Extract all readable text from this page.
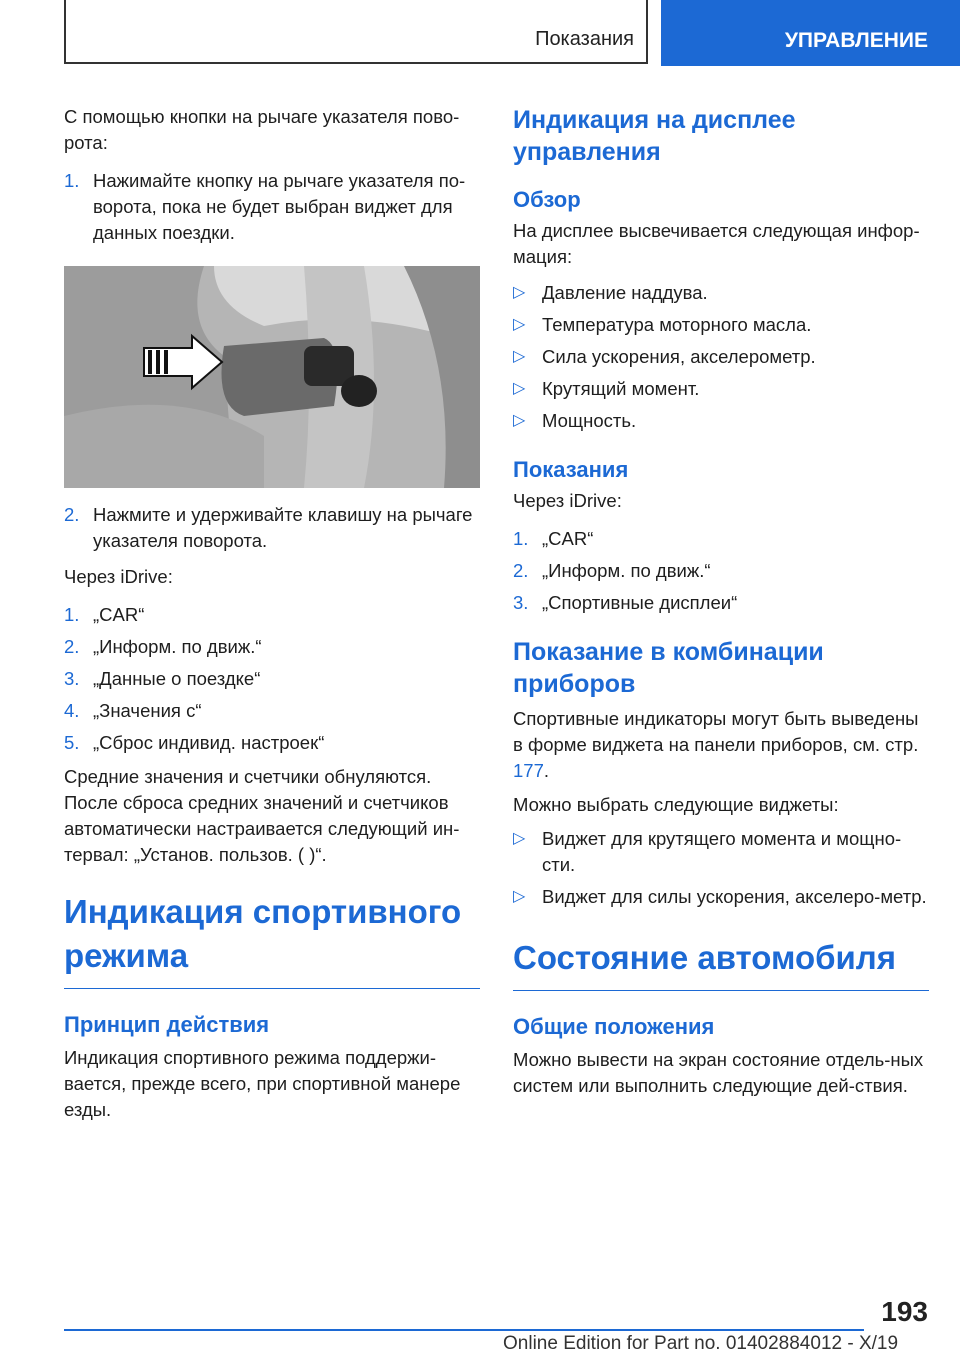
Показания	УПРАВЛЕНИЕ

С помощью кнопки на рычаге указателя пово-рота:

1. Нажимайте кнопку на рычаге указателя по-ворота, пока не будет выбран виджет для данных поездки.
2. Нажмите и удерживайте клавишу на рычаге указателя поворота.

Через iDrive:

1. „CAR“
2. „Информ. по движ.“
3. „Данные о поездке“
4. „Значения с“
5. „Сброс индивид. настроек“

Средние значения и счетчики обнуляются. После сброса средних значений и счетчиков автоматически настраивается следующий ин-тервал: „Установ. пользов. ( )“.

Индикация спортивного режима
Принцип действия

Индикация спортивного режима поддержи-вается, прежде всего, при спортивной манере езды.

Индикация на дисплее управления
Обзор

На дисплее высвечивается следующая инфор-мация:

▷ Давление наддува.
▷ Температура моторного масла.
▷ Сила ускорения, акселерометр.
▷ Крутящий момент.
▷ Мощность.
Показания

Через iDrive:

1. „CAR“
2. „Информ. по движ.“
3. „Спортивные дисплеи“
Показание в комбинации приборов

Спортивные индикаторы могут быть выведены в форме виджета на панели приборов, см. стр. 177.

Можно выбрать следующие виджеты:

▷ Виджет для крутящего момента и мощно-сти.
▷ Виджет для силы ускорения, акселеро-метр.
Состояние автомобиля
Общие положения

Можно вывести на экран состояние отдель-ных систем или выполнить следующие дей-ствия.

193
Online Edition for Part no. 01402884012 - X/19
